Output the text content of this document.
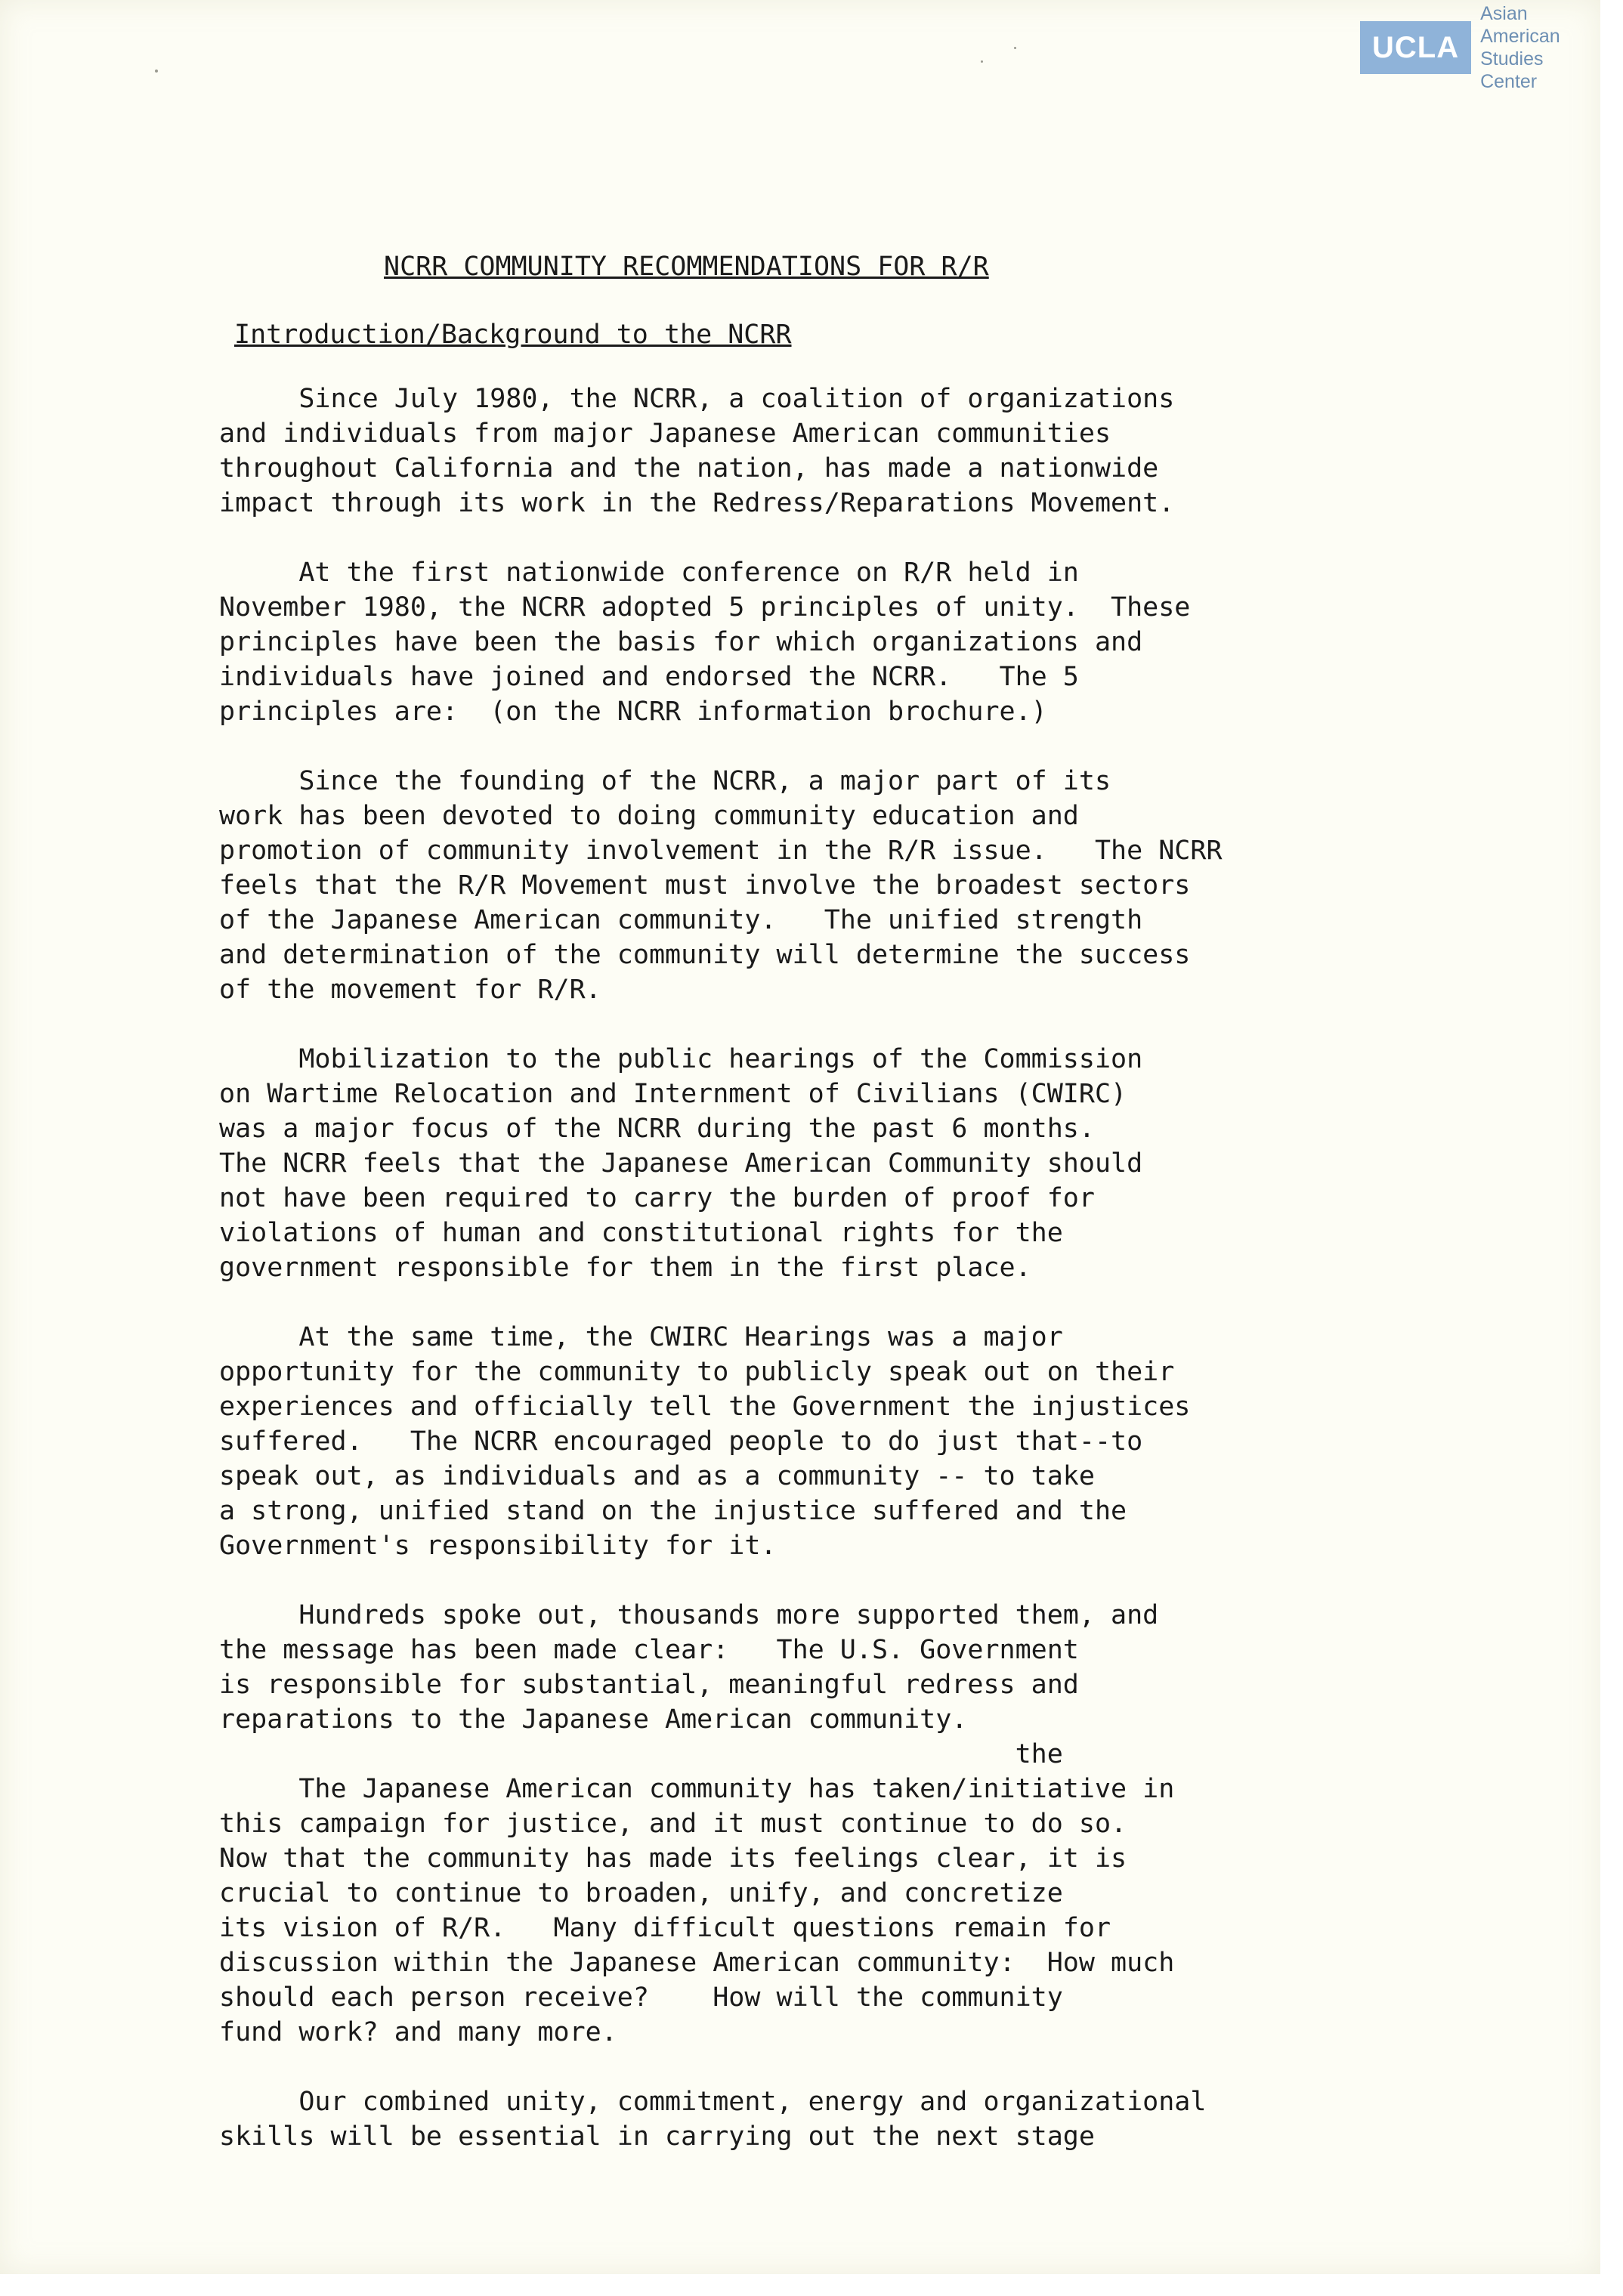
UCLA
Asian American
Studies Center
NCRR COMMUNITY RECOMMENDATIONS FOR R/R
Introduction/Background to the NCRR
Since July 1980, the NCRR, a coalition of organizations
and individuals from major Japanese American communities
throughout California and the nation, has made a nationwide
impact through its work in the Redress/Reparations Movement.
At the first nationwide conference on R/R held in
November 1980, the NCRR adopted 5 principles of unity.  These
principles have been the basis for which organizations and
individuals have joined and endorsed the NCRR.   The 5
principles are:  (on the NCRR information brochure.)
Since the founding of the NCRR, a major part of its
work has been devoted to doing community education and
promotion of community involvement in the R/R issue.   The NCRR
feels that the R/R Movement must involve the broadest sectors
of the Japanese American community.   The unified strength
and determination of the community will determine the success
of the movement for R/R.
Mobilization to the public hearings of the Commission
on Wartime Relocation and Internment of Civilians (CWIRC)
was a major focus of the NCRR during the past 6 months.
The NCRR feels that the Japanese American Community should
not have been required to carry the burden of proof for
violations of human and constitutional rights for the
government responsible for them in the first place.
At the same time, the CWIRC Hearings was a major
opportunity for the community to publicly speak out on their
experiences and officially tell the Government the injustices
suffered.   The NCRR encouraged people to do just that--to
speak out, as individuals and as a community -- to take
a strong, unified stand on the injustice suffered and the
Government's responsibility for it.
Hundreds spoke out, thousands more supported them, and
the message has been made clear:   The U.S. Government
is responsible for substantial, meaningful redress and
reparations to the Japanese American community.
the
The Japanese American community has taken/initiative in
this campaign for justice, and it must continue to do so.
Now that the community has made its feelings clear, it is
crucial to continue to broaden, unify, and concretize
its vision of R/R.   Many difficult questions remain for
discussion within the Japanese American community:  How much
should each person receive?    How will the community
fund work? and many more.
Our combined unity, commitment, energy and organizational
skills will be essential in carrying out the next stage
